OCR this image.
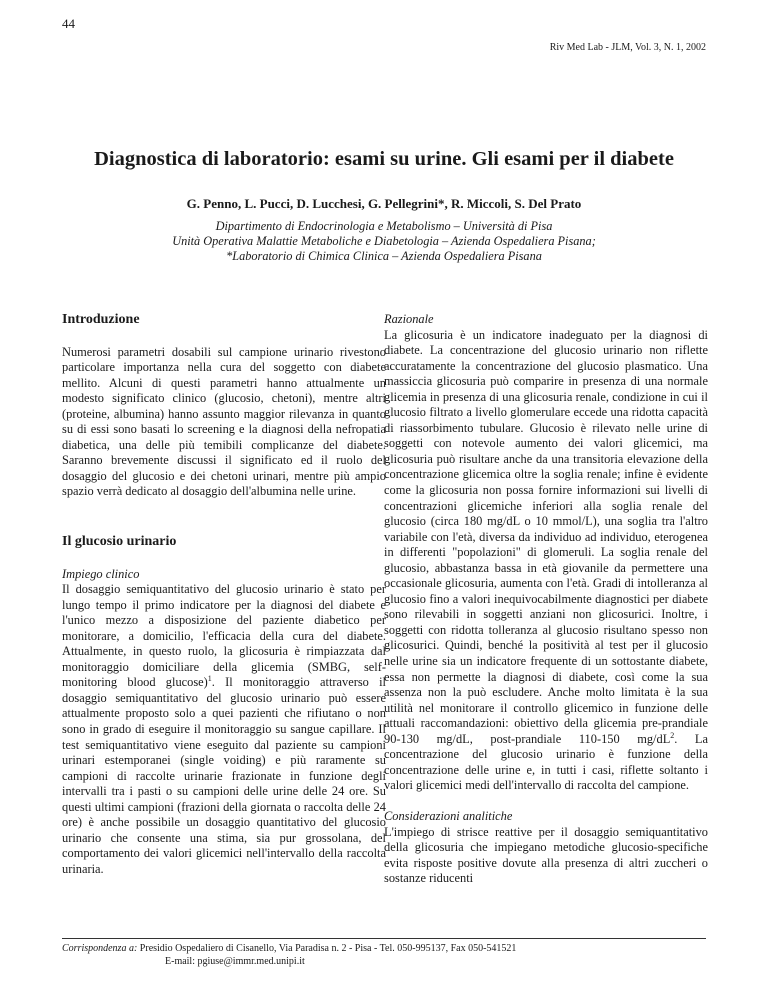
44
Riv Med Lab - JLM, Vol. 3, N. 1, 2002
Diagnostica di laboratorio: esami su urine. Gli esami per il diabete
G. Penno, L. Pucci, D. Lucchesi, G. Pellegrini*, R. Miccoli, S. Del Prato
Dipartimento di Endocrinologia e Metabolismo – Università di Pisa
Unità Operativa Malattie Metaboliche e Diabetologia – Azienda Ospedaliera Pisana;
*Laboratorio di Chimica Clinica – Azienda Ospedaliera Pisana
Introduzione

Numerosi parametri dosabili sul campione urinario rivestono particolare importanza nella cura del soggetto con diabete mellito. Alcuni di questi parametri hanno attualmente un modesto significato clinico (glucosio, chetoni), mentre altri (proteine, albumina) hanno assunto maggior rilevanza in quanto su di essi sono basati lo screening e la diagnosi della nefropatia diabetica, una delle più temibili complicanze del diabete. Saranno brevemente discussi il significato ed il ruolo del dosaggio del glucosio e dei chetoni urinari, mentre più ampio spazio verrà dedicato al dosaggio dell'albumina nelle urine.

Il glucosio urinario

Impiego clinico

Il dosaggio semiquantitativo del glucosio urinario è stato per lungo tempo il primo indicatore per la diagnosi del diabete e l'unico mezzo a disposizione del paziente diabetico per monitorare, a domicilio, l'efficacia della cura del diabete. Attualmente, in questo ruolo, la glicosuria è rimpiazzata dal monitoraggio domiciliare della glicemia (SMBG, self-monitoring blood glucose)$^1$. Il monitoraggio attraverso il dosaggio semiquantitativo del glucosio urinario può essere attualmente proposto solo a quei pazienti che rifiutano o non sono in grado di eseguire il monitoraggio su sangue capillare. Il test semiquantitativo viene eseguito dal paziente su campioni urinari estemporanei (single voiding) e più raramente su campioni di raccolte urinarie frazionate in funzione degli intervalli tra i pasti o su campioni delle urine delle 24 ore. Su questi ultimi campioni (frazioni della giornata o raccolta delle 24 ore) è anche possibile un dosaggio quantitativo del glucosio urinario che consente una stima, sia pur grossolana, del comportamento dei valori glicemici nell'intervallo della raccolta urinaria.

Razionale

La glicosuria è un indicatore inadeguato per la diagnosi di diabete. La concentrazione del glucosio urinario non riflette accuratamente la concentrazione del glucosio plasmatico. Una massiccia glicosuria può comparire in presenza di una normale glicemia in presenza di una glicosuria renale, condizione in cui il glucosio filtrato a livello glomerulare eccede una ridotta capacità di riassorbimento tubulare. Glucosio è rilevato nelle urine di soggetti con notevole aumento dei valori glicemici, ma glicosuria può risultare anche da una transitoria elevazione della concentrazione glicemica oltre la soglia renale; infine è evidente come la glicosuria non possa fornire informazioni sui livelli di concentrazioni glicemiche inferiori alla soglia renale del glucosio (circa 180 mg/dL o 10 mmol/L), una soglia tra l'altro variabile con l'età, diversa da individuo ad individuo, eterogenea in differenti "popolazioni" di glomeruli. La soglia renale del glucosio, abbastanza bassa in età giovanile da permettere una occasionale glicosuria, aumenta con l'età. Gradi di intolleranza al glucosio fino a valori inequivocabilmente diagnostici per diabete sono rilevabili in soggetti anziani non glicosurici. Inoltre, i soggetti con ridotta tolleranza al glucosio risultano spesso non glicosurici. Quindi, benché la positività al test per il glucosio nelle urine sia un indicatore frequente di un sottostante diabete, essa non permette la diagnosi di diabete, così come la sua assenza non la può escludere. Anche molto limitata è la sua utilità nel monitorare il controllo glicemico in funzione delle attuali raccomandazioni: obiettivo della glicemia pre-prandiale 90-130 mg/dL, post-prandiale 110-150 $mg/dL^2$. La concentrazione del glucosio urinario è funzione della concentrazione delle urine e, in tutti i casi, riflette soltanto i valori glicemici medi dell'intervallo di raccolta del campione.

Considerazioni analitiche

L'impiego di strisce reattive per il dosaggio semiquantitativo della glicosuria che impiegano metodiche glucosio-specifiche evita risposte positive dovute alla presenza di altri zuccheri o sostanze riducenti

Corrispondenza a: Presidio Ospedaliero di Cisanello, Via Paradisa n. 2 - Pisa - Tel. 050-995137, Fax 050-541521
E-mail: pgiuse@immr.med.unipi.it
